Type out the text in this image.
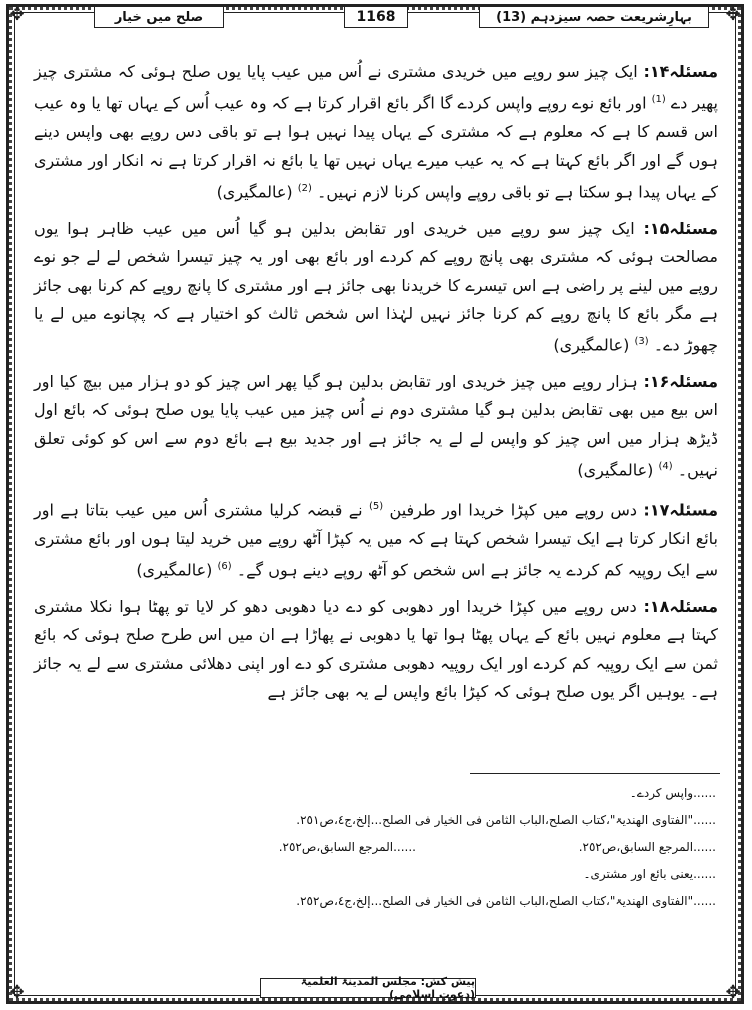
✥	✥
✥	✥
صلح میں خیار	1168	بہارِشریعت حصہ سیزدہم (13)

مسئلہ۱۴: ایک چیز سو روپے میں خریدی مشتری نے اُس میں عیب پایا یوں صلح ہوئی کہ مشتری چیز پھیر دے $^{(1)}$ اور بائع نوے روپے واپس کردے گا اگر بائع اقرار کرتا ہے کہ وہ عیب اُس کے یہاں تھا یا وہ عیب اس قسم کا ہے کہ معلوم ہے کہ مشتری کے یہاں پیدا نہیں ہوا ہے تو باقی دس روپے بھی واپس دینے ہوں گے اور اگر بائع کہتا ہے کہ یہ عیب میرے یہاں نہیں تھا یا بائع نہ اقرار کرتا ہے نہ انکار اور مشتری کے یہاں پیدا ہو سکتا ہے تو باقی روپے واپس کرنا لازم نہیں۔ $^{(2)}$ (عالمگیری)

مسئلہ۱۵: ایک چیز سو روپے میں خریدی اور تقابض بدلین ہو گیا اُس میں عیب ظاہر ہوا یوں مصالحت ہوئی کہ مشتری بھی پانچ روپے کم کردے اور بائع بھی اور یہ چیز تیسرا شخص لے لے جو نوے روپے میں لینے پر راضی ہے اس تیسرے کا خریدنا بھی جائز ہے اور مشتری کا پانچ روپے کم کرنا بھی جائز ہے مگر بائع کا پانچ روپے کم کرنا جائز نہیں لہٰذا اس شخص ثالث کو اختیار ہے کہ پچانوے میں لے یا چھوڑ دے۔ $^{(3)}$ (عالمگیری)

مسئلہ۱۶: ہزار روپے میں چیز خریدی اور تقابض بدلین ہو گیا پھر اس چیز کو دو ہزار میں بیچ کیا اور اس بیع میں بھی تقابض بدلین ہو گیا مشتری دوم نے اُس چیز میں عیب پایا یوں صلح ہوئی کہ بائع اول ڈیڑھ ہزار میں اس چیز کو واپس لے لے یہ جائز ہے اور جدید بیع ہے بائع دوم سے اس کو کوئی تعلق نہیں۔ $^{(4)}$ (عالمگیری)

مسئلہ۱۷: دس روپے میں کپڑا خریدا اور طرفین $^{(5)}$ نے قبضہ کرلیا مشتری اُس میں عیب بتاتا ہے اور بائع انکار کرتا ہے ایک تیسرا شخص کہتا ہے کہ میں یہ کپڑا آٹھ روپے میں خرید لیتا ہوں اور بائع مشتری سے ایک روپیہ کم کردے یہ جائز ہے اس شخص کو آٹھ روپے دینے ہوں گے۔ $^{(6)}$ (عالمگیری)

مسئلہ۱۸: دس روپے میں کپڑا خریدا اور دھوبی کو دے دیا دھوبی دھو کر لایا تو پھٹا ہوا نکلا مشتری کہتا ہے معلوم نہیں بائع کے یہاں پھٹا ہوا تھا یا دھوبی نے پھاڑا ہے ان میں اس طرح صلح ہوئی کہ بائع ثمن سے ایک روپیہ کم کردے اور ایک روپیہ دھوبی مشتری کو دے اور اپنی دھلائی مشتری سے لے یہ جائز ہے۔ یوہیں اگر یوں صلح ہوئی کہ کپڑا بائع واپس لے یہ بھی جائز ہے

......واپس کردے۔
......"الفتاوی الھندیۃ"،کتاب الصلح،الباب الثامن فی الخیار فی الصلح...إلخ،ج٤،ص٢٥١.
......المرجع السابق،ص٢٥٢.
......المرجع السابق،ص٢٥٢.
......یعنی بائع اور مشتری۔
......"الفتاوی الھندیۃ"،کتاب الصلح،الباب الثامن فی الخیار فی الصلح...إلخ،ج٤،ص٢٥٢.
پیش کش: مجلس المدینۃ العلمیۃ (دعوتِ اسلامی)
